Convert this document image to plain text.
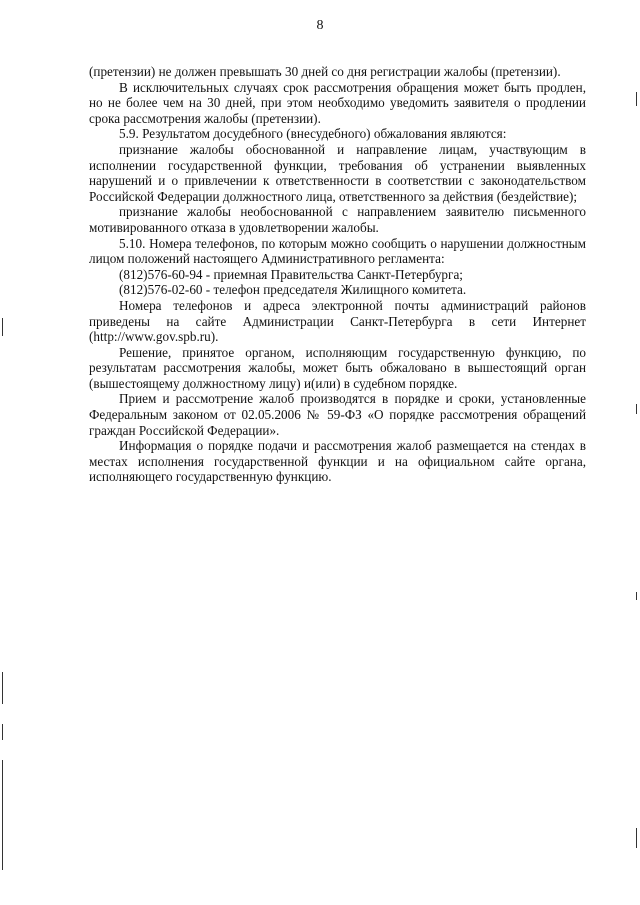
8

(претензии) не должен превышать 30 дней со дня регистрации жалобы (претензии).

В исключительных случаях срок рассмотрения обращения может быть продлен, но не более чем на 30 дней, при этом необходимо уведомить заявителя о продлении срока рассмотрения жалобы (претензии).

5.9. Результатом досудебного (внесудебного) обжалования являются:

признание жалобы обоснованной и направление лицам, участвующим в исполнении государственной функции, требования об устранении выявленных нарушений и о привлечении к ответственности в соответствии с законодательством Российской Федерации должностного лица, ответственного за действия (бездействие);

признание жалобы необоснованной с направлением заявителю письменного мотивированного отказа в удовлетворении жалобы.

5.10. Номера телефонов, по которым можно сообщить о нарушении должностным лицом положений настоящего Административного регламента:

(812)576-60-94 - приемная Правительства Санкт-Петербурга;

(812)576-02-60 - телефон председателя Жилищного комитета.

Номера телефонов и адреса электронной почты администраций районов приведены на сайте Администрации Санкт-Петербурга в сети Интернет (http://www.gov.spb.ru).

Решение, принятое органом, исполняющим государственную функцию, по результатам рассмотрения жалобы, может быть обжаловано в вышестоящий орган (вышестоящему должностному лицу) и(или) в судебном порядке.

Прием и рассмотрение жалоб производятся в порядке и сроки, установленные Федеральным законом от 02.05.2006 № 59-ФЗ «О порядке рассмотрения обращений граждан Российской Федерации».

Информация о порядке подачи и рассмотрения жалоб размещается на стендах в местах исполнения государственной функции и на официальном сайте органа, исполняющего государственную функцию.
